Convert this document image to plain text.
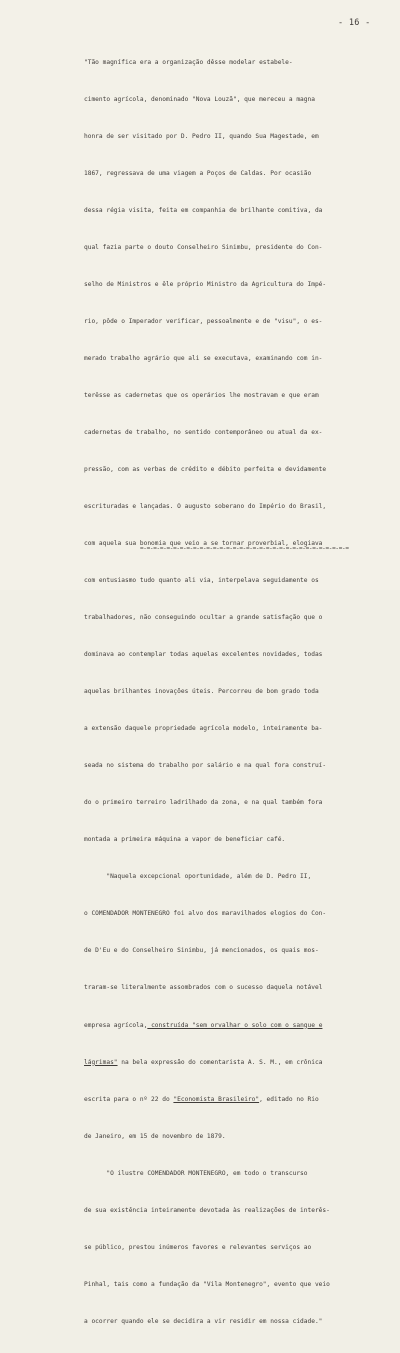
- 16 -

"Tão magnífica era a organização dêsse modelar estabele-

cimento agrícola, denominado "Nova Louzã", que mereceu a magna

honra de ser visitado por D. Pedro II, quando Sua Magestade, em

1867, regressava de uma viagem a Poços de Caldas. Por ocasião

dessa régia visita, feita em companhia de brilhante comitiva, da

qual fazia parte o douto Conselheiro Sinimbu, presidente do Con-

selho de Ministros e êle próprio Ministro da Agricultura do Impé-

rio, pôde o Imperador verificar, pessoalmente e de "visu", o es-

merado trabalho agrário que ali se executava, examinando com in-

terêsse as cadernetas que os operários lhe mostravam e que eram

cadernetas de trabalho, no sentido contemporâneo ou atual da ex-

pressão, com as verbas de crédito e débito perfeita e devidamente

escrituradas e lançadas. O augusto soberano do Império do Brasil,

com aquela sua bonomia que veio a se tornar proverbial, elogiava

com entusiasmo tudo quanto ali via, interpelava seguidamente os

trabalhadores, não conseguindo ocultar a grande satisfação que o

dominava ao contemplar todas aquelas excelentes novidades, todas

aquelas brilhantes inovações úteis. Percorreu de bom grado toda

a extensão daquele propriedade agrícola modelo, inteiramente ba-

seada no sistema do trabalho por salário e na qual fora construí-

do o primeiro terreiro ladrilhado da zona, e na qual também fora

montada a primeira máquina a vapor de beneficiar café.

"Naquela excepcional oportunidade, além de D. Pedro II,

o COMENDADOR MONTENEGRO foi alvo dos maravilhados elogios do Con-

de D'Eu e do Conselheiro Sinimbu, já mencionados, os quais mos-

traram-se literalmente assombrados com o sucesso daquela notável

empresa agrícola, construída "sem orvalhar o solo com o sangue e

lágrimas" na bela expressão do comentarista A. S. M., em crônica

escrita para o nº 22 do "Economista Brasileiro", editado no Rio

de Janeiro, em 15 de novembro de 1879.

"O ilustre COMENDADOR MONTENEGRO, em todo o transcurso

de sua existência inteiramente devotada às realizações de interês-

se público, prestou inúmeros favores e relevantes serviços ao

Pinhal, tais como a fundação da "Vila Montenegro", evento que veio

a ocorrer quando ele se decidira a vir residir em nossa cidade."

=-=-=-=-=-=-=-=-=-=-=-=-=-=-=-=-=-=-=-=-=-=-=-=-=-=-=-=-=-=-=-=
